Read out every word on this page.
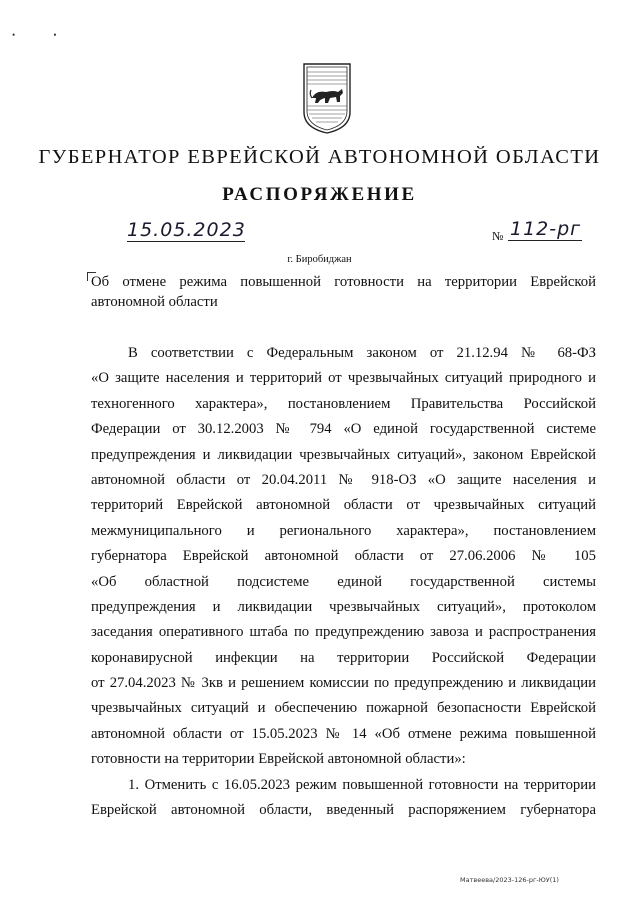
• •
ГУБЕРНАТОР ЕВРЕЙСКОЙ АВТОНОМНОЙ ОБЛАСТИ
РАСПОРЯЖЕНИЕ
15.05.2023	№ 112-рг
г. Биробиджан
Об отмене режима повышенной готовности на территории Еврейской автономной области
В соответствии с Федеральным законом от 21.12.94 № 68-ФЗ
«О защите населения и территорий от чрезвычайных ситуаций природного и
техногенного характера», постановлением Правительства Российской
Федерации от 30.12.2003 № 794 «О единой государственной системе
предупреждения и ликвидации чрезвычайных ситуаций», законом Еврейской
автономной области от 20.04.2011 № 918-ОЗ «О защите населения и
территорий Еврейской автономной области от чрезвычайных ситуаций
межмуниципального и регионального характера», постановлением
губернатора Еврейской автономной области от 27.06.2006 № 105
«Об областной подсистеме единой государственной системы
предупреждения и ликвидации чрезвычайных ситуаций», протоколом
заседания оперативного штаба по предупреждению завоза и распространения
коронавирусной инфекции на территории Российской Федерации
от 27.04.2023 № 3кв и решением комиссии по предупреждению и ликвидации
чрезвычайных ситуаций и обеспечению пожарной безопасности Еврейской
автономной области от 15.05.2023 № 14 «Об отмене режима повышенной
готовности на территории Еврейской автономной области»:
1. Отменить с 16.05.2023 режим повышенной готовности на территории
Еврейской автономной области, введенный распоряжением губернатора
Матвеева/2023-126-рг-ЮУ(1)
